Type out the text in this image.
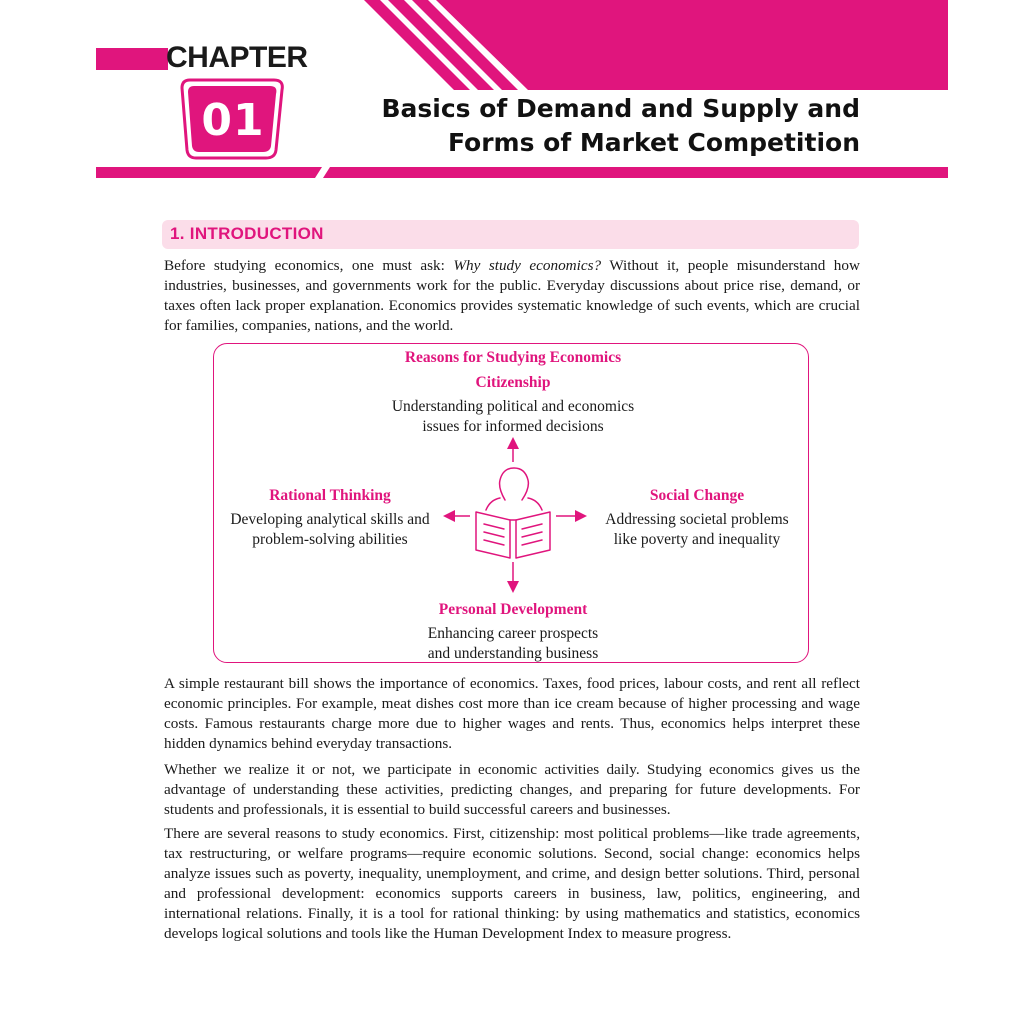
CHAPTER
01	Basics of Demand and Supply and
Forms of Market Competition
1. INTRODUCTION

Before studying economics, one must ask: Why study economics? Without it, people misunderstand how industries, businesses, and governments work for the public. Everyday discussions about price rise, demand, or taxes often lack proper explanation. Economics provides systematic knowledge of such events, which are crucial for families, companies, nations, and the world.

Reasons for Studying Economics

Citizenship

Understanding political and economics
issues for informed decisions

Rational Thinking

Developing analytical skills and
problem-solving abilities

Social Change

Addressing societal problems
like poverty and inequality

Personal Development

Enhancing career prospects
and understanding business

A simple restaurant bill shows the importance of economics. Taxes, food prices, labour costs, and rent all reflect economic principles. For example, meat dishes cost more than ice cream because of higher processing and wage costs. Famous restaurants charge more due to higher wages and rents. Thus, economics helps interpret these hidden dynamics behind everyday transactions.

Whether we realize it or not, we participate in economic activities daily. Studying economics gives us the advantage of understanding these activities, predicting changes, and preparing for future developments. For students and professionals, it is essential to build successful careers and businesses.

There are several reasons to study economics. First, citizenship: most political problems—like trade agreements, tax restructuring, or welfare programs—require economic solutions. Second, social change: economics helps analyze issues such as poverty, inequality, unemployment, and crime, and design better solutions. Third, personal and professional development: economics supports careers in business, law, politics, engineering, and international relations. Finally, it is a tool for rational thinking: by using mathematics and statistics, economics develops logical solutions and tools like the Human Development Index to measure progress.
